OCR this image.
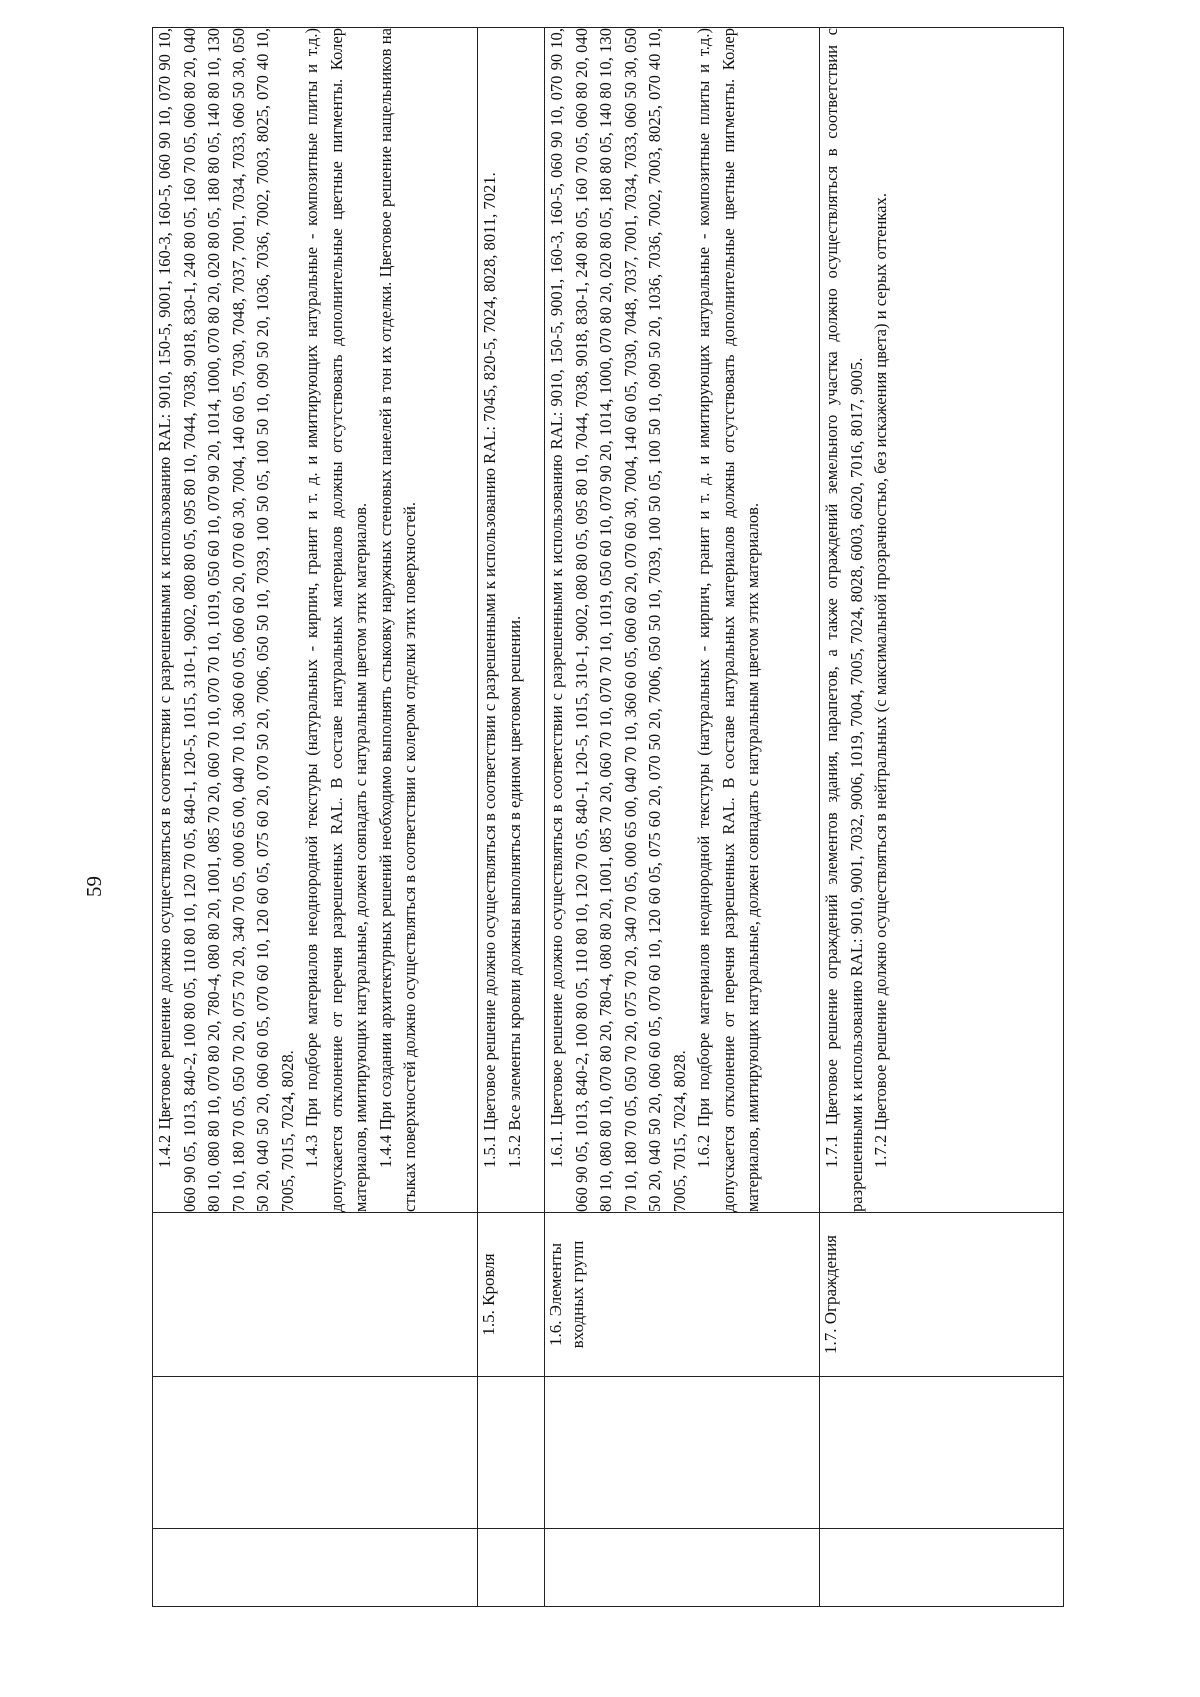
59

			1.4.2 Цветовое решение должно осуществляться в соответствии с разрешенными к использованию RAL: 9010, 150-5, 9001, 160-3, 160-5, 060 90 10, 070 90 10, 060 90 05, 1013, 840-2, 100 80 05, 110 80 10, 120 70 05, 840-1, 120-5, 1015, 310-1, 9002, 080 80 05, 095 80 10, 7044, 7038, 9018, 830-1, 240 80 05, 160 70 05, 060 80 20, 040 80 10, 080 80 10, 070 80 20, 780-4, 080 80 20, 1001, 085 70 20, 060 70 10, 070 70 10, 1019, 050 60 10, 070 90 20, 1014, 1000, 070 80 20, 020 80 05, 180 80 05, 140 80 10, 130 70 10, 180 70 05, 050 70 20, 075 70 20, 340 70 05, 000 65 00, 040 70 10, 360 60 05, 060 60 20, 070 60 30, 7004, 140 60 05, 7030, 7048, 7037, 7001, 7034, 7033, 060 50 30, 050 50 20, 040 50 20, 060 60 05, 070 60 10, 120 60 05, 075 60 20, 070 50 20, 7006, 050 50 10, 7039, 100 50 05, 100 50 10, 090 50 20, 1036, 7036, 7002, 7003, 8025, 070 40 10, 7005, 7015, 7024, 8028. 1.4.3 При подборе материалов неоднородной текстуры (натуральных - кирпич, гранит и т. д. и имитирующих натуральные - композитные плиты и т.д.) допускается отклонение от перечня разрешенных RAL. В составе натуральных материалов должны отсутствовать дополнительные цветные пигменты. Колер материалов, имитирующих натуральные, должен совпадать с натуральным цветом этих материалов. 1.4.4 При создании архитектурных решений необходимо выполнять стыковку наружных стеновых панелей в тон их отделки. Цветовое решение нащельников на стыках поверхностей должно осуществляться в соответствии с колером отделки этих поверхностей.

		1.5. Кровля	1.5.1 Цветовое решение должно осуществляться в соответствии с разрешенными к использованию RAL: 7045, 820-5, 7024, 8028, 8011, 7021. 1.5.2 Все элементы кровли должны выполняться в едином цветовом решении.

		1.6. Элементы входных групп	1.6.1. Цветовое решение должно осуществляться в соответствии с разрешенными к использованию RAL: 9010, 150-5, 9001, 160-3, 160-5, 060 90 10, 070 90 10, 060 90 05, 1013, 840-2, 100 80 05, 110 80 10, 120 70 05, 840-1, 120-5, 1015, 310-1, 9002, 080 80 05, 095 80 10, 7044, 7038, 9018, 830-1, 240 80 05, 160 70 05, 060 80 20, 040 80 10, 080 80 10, 070 80 20, 780-4, 080 80 20, 1001, 085 70 20, 060 70 10, 070 70 10, 1019, 050 60 10, 070 90 20, 1014, 1000, 070 80 20, 020 80 05, 180 80 05, 140 80 10, 130 70 10, 180 70 05, 050 70 20, 075 70 20, 340 70 05, 000 65 00, 040 70 10, 360 60 05, 060 60 20, 070 60 30, 7004, 140 60 05, 7030, 7048, 7037, 7001, 7034, 7033, 060 50 30, 050 50 20, 040 50 20, 060 60 05, 070 60 10, 120 60 05, 075 60 20, 070 50 20, 7006, 050 50 10, 7039, 100 50 05, 100 50 10, 090 50 20, 1036, 7036, 7002, 7003, 8025, 070 40 10, 7005, 7015, 7024, 8028. 1.6.2 При подборе материалов неоднородной текстуры (натуральных - кирпич, гранит и т. д. и имитирующих натуральные - композитные плиты и т.д.) допускается отклонение от перечня разрешенных RAL. В составе натуральных материалов должны отсутствовать дополнительные цветные пигменты. Колер материалов, имитирующих натуральные, должен совпадать с натуральным цветом этих материалов.

		1.7. Ограждения	1.7.1 Цветовое решение ограждений элементов здания, парапетов, а также ограждений земельного участка должно осуществляться в соответствии с разрешенными к использованию RAL: 9010, 9001, 7032, 9006, 1019, 7004, 7005, 7024, 8028, 6003, 6020, 7016, 8017, 9005. 1.7.2 Цветовое решение должно осуществляться в нейтральных (с максимальной прозрачностью, без искажения цвета) и серых оттенках.
